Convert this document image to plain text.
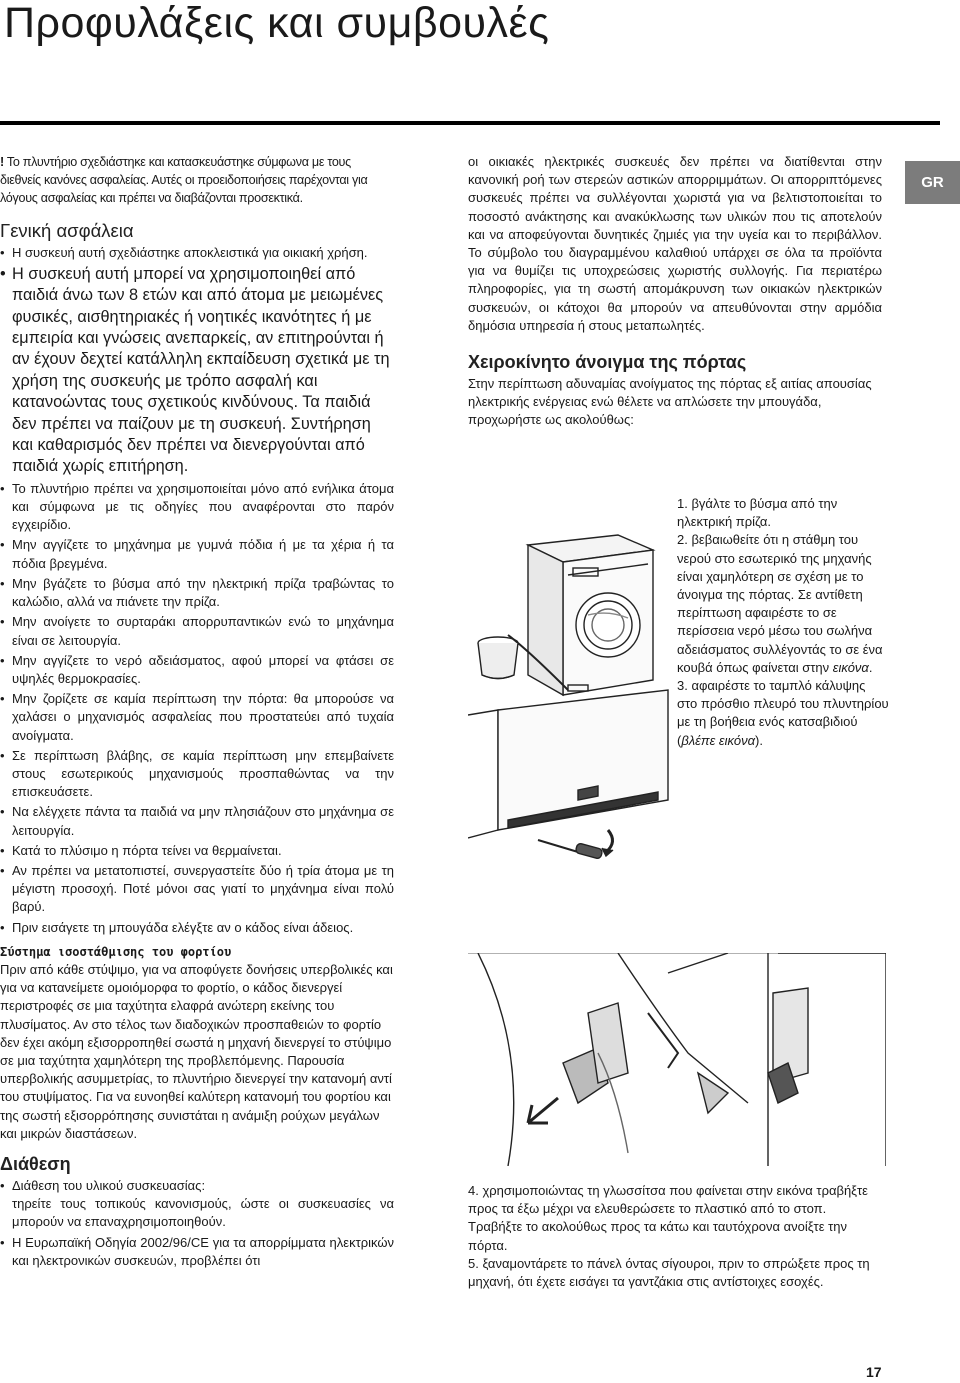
Προφυλάξεις και συμβουλές
GR

! Το πλυντήριο σχεδιάστηκε και κατασκευάστηκε σύμφωνα με τους διεθνείς κανόνες ασφαλείας. Αυτές οι προειδοποιήσεις παρέχονται για λόγους ασφαλείας και πρέπει να διαβάζονται προσεκτικά.

Γενική ασφάλεια
• Η συσκευή αυτή σχεδιάστηκε αποκλειστικά για οικιακή χρήση.
• Η συσκευή αυτή μπορεί να χρησιμοποιηθεί από παιδιά άνω των 8 ετών και από άτομα με μειωμένες φυσικές, αισθητηριακές ή νοητικές ικανότητες ή με εμπειρία και γνώσεις ανεπαρκείς, αν επιτηρούνται ή αν έχουν δεχτεί κατάλληλη εκπαίδευση σχετικά με τη χρήση της συσκευής με τρόπο ασφαλή και κατανοώντας τους σχετικούς κινδύνους. Τα παιδιά δεν πρέπει να παίζουν με τη συσκευή. Συντήρηση και καθαρισμός δεν πρέπει να διενεργούνται από παιδιά χωρίς επιτήρηση.
• Το πλυντήριο πρέπει να χρησιμοποιείται μόνο από ενήλικα άτομα και σύμφωνα με τις οδηγίες που αναφέρονται στο παρόν εγχειρίδιο.
• Μην αγγίζετε το μηχάνημα με γυμνά πόδια ή με τα χέρια ή τα πόδια βρεγμένα.
• Μην βγάζετε το βύσμα από την ηλεκτρική πρίζα τραβώντας το καλώδιο, αλλά να πιάνετε την πρίζα.
• Μην ανοίγετε το συρταράκι απορρυπαντικών ενώ το μηχάνημα είναι σε λειτουργία.
• Μην αγγίζετε το νερό αδειάσματος, αφού μπορεί να φτάσει σε υψηλές θερμοκρασίες.
• Μην ζορίζετε σε καμία περίπτωση την πόρτα: θα μπορούσε να χαλάσει ο μηχανισμός ασφαλείας που προστατεύει από τυχαία ανοίγματα.
• Σε περίπτωση βλάβης, σε καμία περίπτωση μην επεμβαίνετε στους εσωτερικούς μηχανισμούς προσπαθώντας να την επισκευάσετε.
• Να ελέγχετε πάντα τα παιδιά να μην πλησιάζουν στο μηχάνημα σε λειτουργία.
• Κατά το πλύσιμο η πόρτα τείνει να θερμαίνεται.
• Αν πρέπει να μετατοπιστεί, συνεργαστείτε δύο ή τρία άτομα με τη μέγιστη προσοχή. Ποτέ μόνοι σας γιατί το μηχάνημα είναι πολύ βαρύ.
• Πριν εισάγετε τη μπουγάδα ελέγξτε αν ο κάδος είναι άδειος.
Σύστημα ισοστάθμισης του φορτίου

Πριν από κάθε στύψιμο, για να αποφύγετε δονήσεις υπερβολικές και για να κατανείμετε ομοιόμορφα το φορτίο, ο κάδος διενεργεί περιστροφές σε μια ταχύτητα ελαφρά ανώτερη εκείνης του πλυσίματος. Αν στο τέλος των διαδοχικών προσπαθειών το φορτίο δεν έχει ακόμη εξισορροπηθεί σωστά η μηχανή διενεργεί το στύψιμο σε μια ταχύτητα χαμηλότερη της προβλεπόμενης. Παρουσία υπερβολικής ασυμμετρίας, το πλυντήριο διενεργεί την κατανομή αντί του στυψίματος. Για να ευνοηθεί καλύτερη κατανομή του φορτίου και της σωστή εξισορρόπησης συνιστάται η ανάμιξη ρούχων μεγάλων και μικρών διαστάσεων.

Διάθεση
• Διάθεση του υλικού συσκευασίας:
τηρείτε τους τοπικούς κανονισμούς, ώστε οι συσκευασίες να μπορούν να επαναχρησιμοποιηθούν.
• Η Ευρωπαϊκή Οδηγία 2002/96/CE για τα απορρίμματα ηλεκτρικών και ηλεκτρονικών συσκευών, προβλέπει ότι

οι οικιακές ηλεκτρικές συσκευές δεν πρέπει να διατίθενται στην κανονική ροή των στερεών αστικών απορριμμάτων. Οι απορριπτόμενες συσκευές πρέπει να συλλέγονται χωριστά για να βελτιστοποιείται το ποσοστό ανάκτησης και ανακύκλωσης των υλικών που τις αποτελούν και να αποφεύγονται δυνητικές ζημιές για την υγεία και το περιβάλλον. Το σύμβολο του διαγραμμένου καλαθιού υπάρχει σε όλα τα προϊόντα για να θυμίζει τις υποχρεώσεις χωριστής συλλογής. Για περιατέρω πληροφορίες, για τη σωστή απομάκρυνση των οικιακών ηλεκτρικών συσκευών, οι κάτοχοι θα μπορούν να απευθύνονται στην αρμόδια δημόσια υπηρεσία ή στους μεταπωλητές.

Χειροκίνητο άνοιγμα της πόρτας

Στην περίπτωση αδυναμίας ανοίγματος της πόρτας εξ αιτίας απουσίας ηλεκτρικής ενέργειας ενώ θέλετε να απλώσετε την μπουγάδα, προχωρήστε ως ακολούθως:

1. βγάλτε το βύσμα από την ηλεκτρική πρίζα.
2. βεβαιωθείτε ότι η στάθμη του νερού στο εσωτερικό της μηχανής είναι χαμηλότερη σε σχέση με το άνοιγμα της πόρτας. Σε αντίθετη περίπτωση αφαιρέστε το σε περίσσεια νερό μέσω του σωλήνα αδειάσματος συλλέγοντάς το σε ένα κουβά όπως φαίνεται στην εικόνα.
3. αφαιρέστε το ταμπλό κάλυψης στο πρόσθιο πλευρό του πλυντηρίου με τη βοήθεια ενός κατσαβιδιού (βλέπε εικόνα).
4. χρησιμοποιώντας τη γλωσσίτσα που φαίνεται στην εικόνα τραβήξτε προς τα έξω μέχρι να ελευθερώσετε το πλαστικό από το στοπ. Τραβήξτε το ακολούθως προς τα κάτω και ταυτόχρονα ανοίξτε την πόρτα.
5. ξαναμοντάρετε το πάνελ όντας σίγουροι, πριν το σπρώξετε προς τη μηχανή, ότι έχετε εισάγει τα γαντζάκια στις αντίστοιχες εσοχές.
17
